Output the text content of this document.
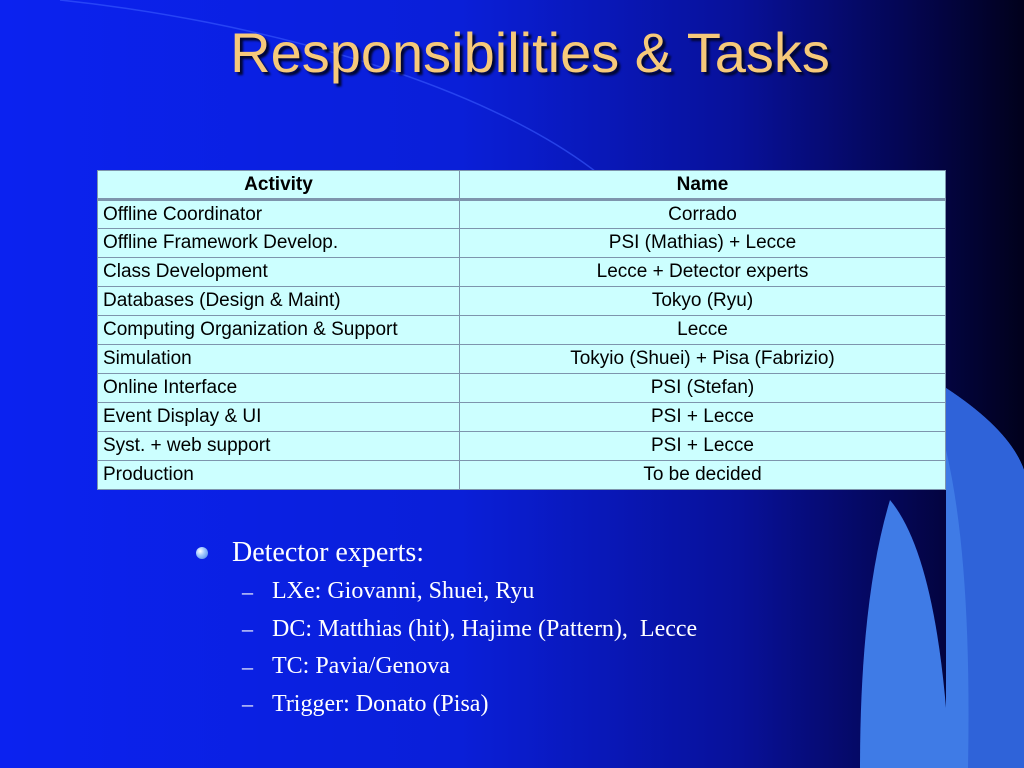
Responsibilities & Tasks
Activity	Name
Offline Coordinator	Corrado
Offline Framework Develop.	PSI (Mathias) + Lecce
Class Development	Lecce + Detector experts
Databases (Design & Maint)	Tokyo (Ryu)
Computing Organization & Support	Lecce
Simulation	Tokyio (Shuei) + Pisa (Fabrizio)
Online Interface	PSI (Stefan)
Event Display & UI	PSI + Lecce
Syst. + web support	PSI + Lecce
Production	To be decided
Detector experts:
– LXe: Giovanni, Shuei, Ryu
– DC: Matthias (hit), Hajime (Pattern),  Lecce
– TC: Pavia/Genova
– Trigger: Donato (Pisa)
